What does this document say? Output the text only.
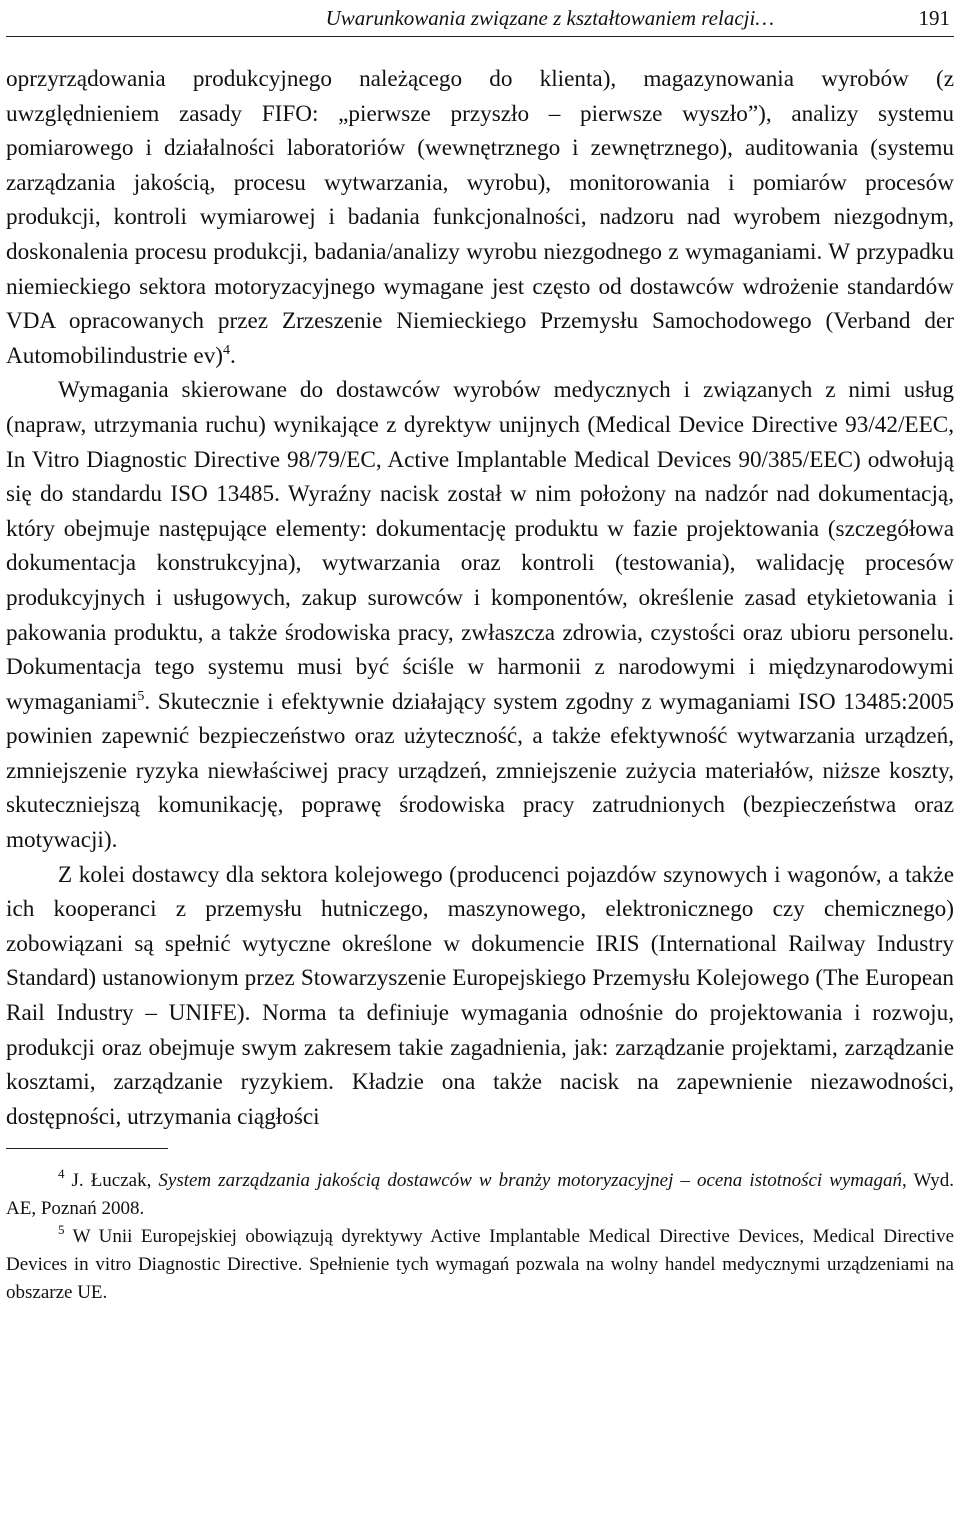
Uwarunkowania związane z kształtowaniem relacji…	191

oprzyrządowania produkcyjnego należącego do klienta), magazynowania wyrobów (z uwzględnieniem zasady FIFO: „pierwsze przyszło – pierwsze wyszło”), analizy systemu pomiarowego i działalności laboratoriów (wewnętrznego i zewnętrznego), auditowania (systemu zarządzania jakością, procesu wytwarzania, wyrobu), monitorowania i pomiarów procesów produkcji, kontroli wymiarowej i badania funkcjonalności, nadzoru nad wyrobem niezgodnym, doskonalenia procesu produkcji, badania/analizy wyrobu niezgodnego z wymaganiami. W przypadku niemieckiego sektora motoryzacyjnego wymagane jest często od dostawców wdrożenie standardów VDA opracowanych przez Zrzeszenie Niemieckiego Przemysłu Samochodowego (Verband der Automobilindustrie ev)$^4$.

Wymagania skierowane do dostawców wyrobów medycznych i związanych z nimi usług (napraw, utrzymania ruchu) wynikające z dyrektyw unijnych (Medical Device Directive 93/42/EEC, In Vitro Diagnostic Directive 98/79/EC, Active Implantable Medical Devices 90/385/EEC) odwołują się do standardu ISO 13485. Wyraźny nacisk został w nim położony na nadzór nad dokumentacją, który obejmuje następujące elementy: dokumentację produktu w fazie projektowania (szczegółowa dokumentacja konstrukcyjna), wytwarzania oraz kontroli (testowania), walidację procesów produkcyjnych i usługowych, zakup surowców i komponentów, określenie zasad etykietowania i pakowania produktu, a także środowiska pracy, zwłaszcza zdrowia, czystości oraz ubioru personelu. Dokumentacja tego systemu musi być ściśle w harmonii z narodowymi i międzynarodowymi wymaganiami$^5$. Skutecznie i efektywnie działający system zgodny z wymaganiami ISO 13485:2005 powinien zapewnić bezpieczeństwo oraz użyteczność, a także efektywność wytwarzania urządzeń, zmniejszenie ryzyka niewłaściwej pracy urządzeń, zmniejszenie zużycia materiałów, niższe koszty, skuteczniejszą komunikację, poprawę środowiska pracy zatrudnionych (bezpieczeństwa oraz motywacji).

Z kolei dostawcy dla sektora kolejowego (producenci pojazdów szynowych i wagonów, a także ich kooperanci z przemysłu hutniczego, maszynowego, elektronicznego czy chemicznego) zobowiązani są spełnić wytyczne określone w dokumencie IRIS (International Railway Industry Standard) ustanowionym przez Stowarzyszenie Europejskiego Przemysłu Kolejowego (The European Rail Industry – UNIFE). Norma ta definiuje wymagania odnośnie do projektowania i rozwoju, produkcji oraz obejmuje swym zakresem takie zagadnienia, jak: zarządzanie projektami, zarządzanie kosztami, zarządzanie ryzykiem. Kładzie ona także nacisk na zapewnienie niezawodności, dostępności, utrzymania ciągłości

$^4$ J. Łuczak, System zarządzania jakością dostawców w branży motoryzacyjnej – ocena istotności wymagań, Wyd. AE, Poznań 2008.

$^5$ W Unii Europejskiej obowiązują dyrektywy Active Implantable Medical Directive Devices, Medical Directive Devices in vitro Diagnostic Directive. Spełnienie tych wymagań pozwala na wolny handel medycznymi urządzeniami na obszarze UE.
